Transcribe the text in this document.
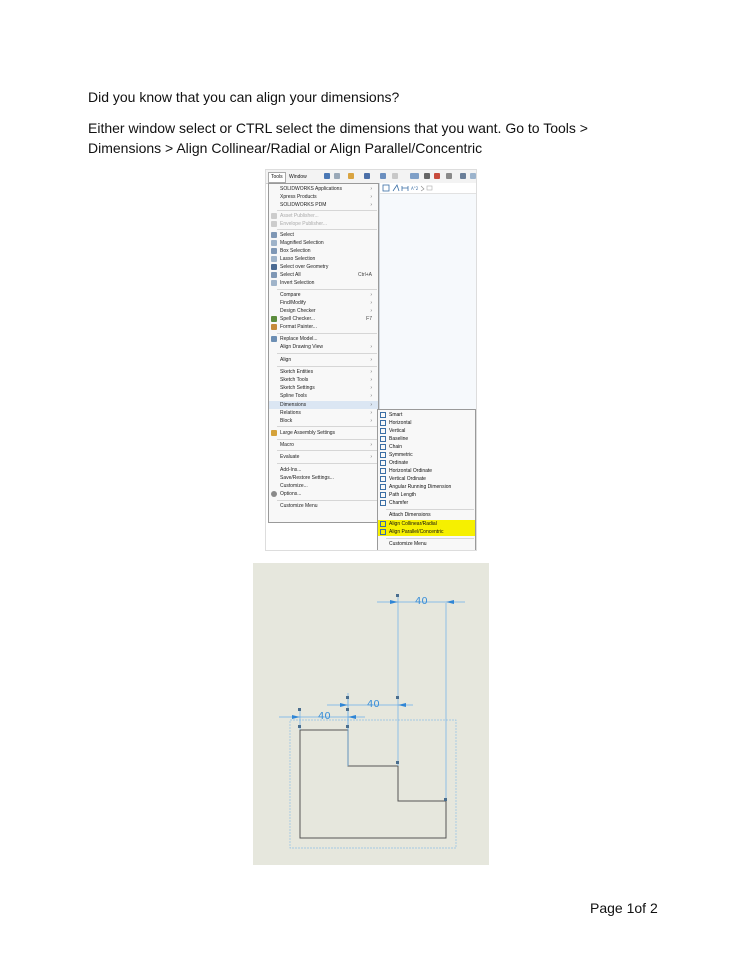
Did you know that you can align your dimensions?
Either window select or CTRL select the dimensions that you want. Go to Tools > Dimensions > Align Collinear/Radial or Align Parallel/Concentric
Tools	Window
A°2
SOLIDWORKS Applications	›
Xpress Products	›
SOLIDWORKS PDM	›
Asset Publisher...
Envelope Publisher...
Select
Magnified Selection
Box Selection
Lasso Selection
Select over Geometry
Select All	Ctrl+A
Invert Selection
Compare	›
Find/Modify	›
Design Checker	›
Spell Checker...	F7
Format Painter...
Replace Model...
Align Drawing View	›
Align	›
Sketch Entities	›
Sketch Tools	›
Sketch Settings	›
Spline Tools	›
Dimensions	›
Relations	›
Block	›
Large Assembly Settings
Macro	›
Evaluate	›
Add-Ins...
Save/Restore Settings...
Customize...
Options...
Customize Menu
Smart
Horizontal
Vertical
Baseline
Chain
Symmetric
Ordinate
Horizontal Ordinate
Vertical Ordinate
Angular Running Dimension
Path Length
Chamfer
Attach Dimensions
Align Collinear/Radial
Align Parallel/Concentric
Customize Menu
40
40
40
Page 1of 2
